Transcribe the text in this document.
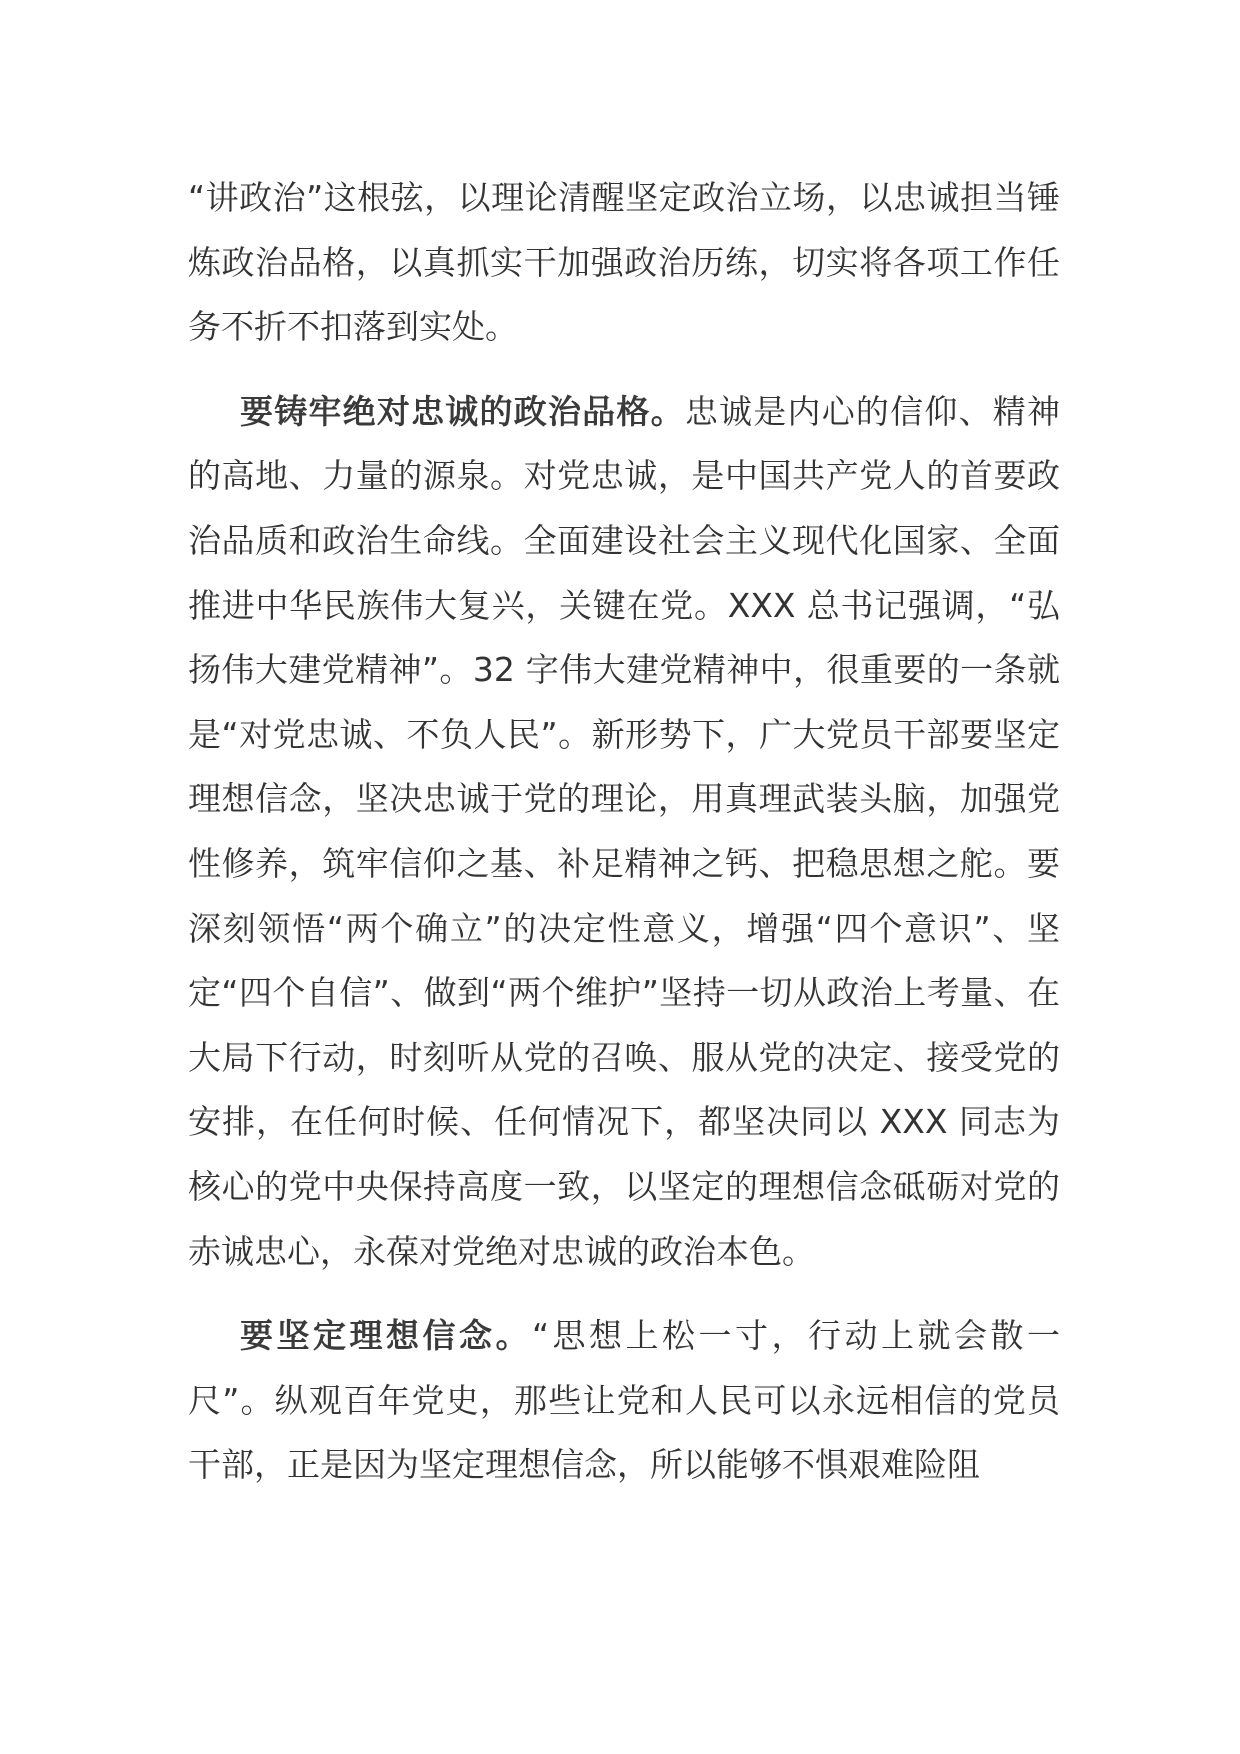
“讲政治”这根弦，以理论清醒坚定政治立场，以忠诚担当锤炼政治品格，以真抓实干加强政治历练，切实将各项工作任务不折不扣落到实处。

要铸牢绝对忠诚的政治品格。忠诚是内心的信仰、精神的高地、力量的源泉。对党忠诚，是中国共产党人的首要政治品质和政治生命线。全面建设社会主义现代化国家、全面推进中华民族伟大复兴，关键在党。XXX 总书记强调，“弘扬伟大建党精神”。32 字伟大建党精神中，很重要的一条就是“对党忠诚、不负人民”。新形势下，广大党员干部要坚定理想信念，坚决忠诚于党的理论，用真理武装头脑，加强党性修养，筑牢信仰之基、补足精神之钙、把稳思想之舵。要深刻领悟“两个确立”的决定性意义，增强“四个意识”、坚定“四个自信”、做到“两个维护”坚持一切从政治上考量、在大局下行动，时刻听从党的召唤、服从党的决定、接受党的安排，在任何时候、任何情况下，都坚决同以 XXX 同志为核心的党中央保持高度一致，以坚定的理想信念砥砺对党的赤诚忠心，永葆对党绝对忠诚的政治本色。

要坚定理想信念。“思想上松一寸，行动上就会散一尺”。纵观百年党史，那些让党和人民可以永远相信的党员干部，正是因为坚定理想信念，所以能够不惧艰难险阻
